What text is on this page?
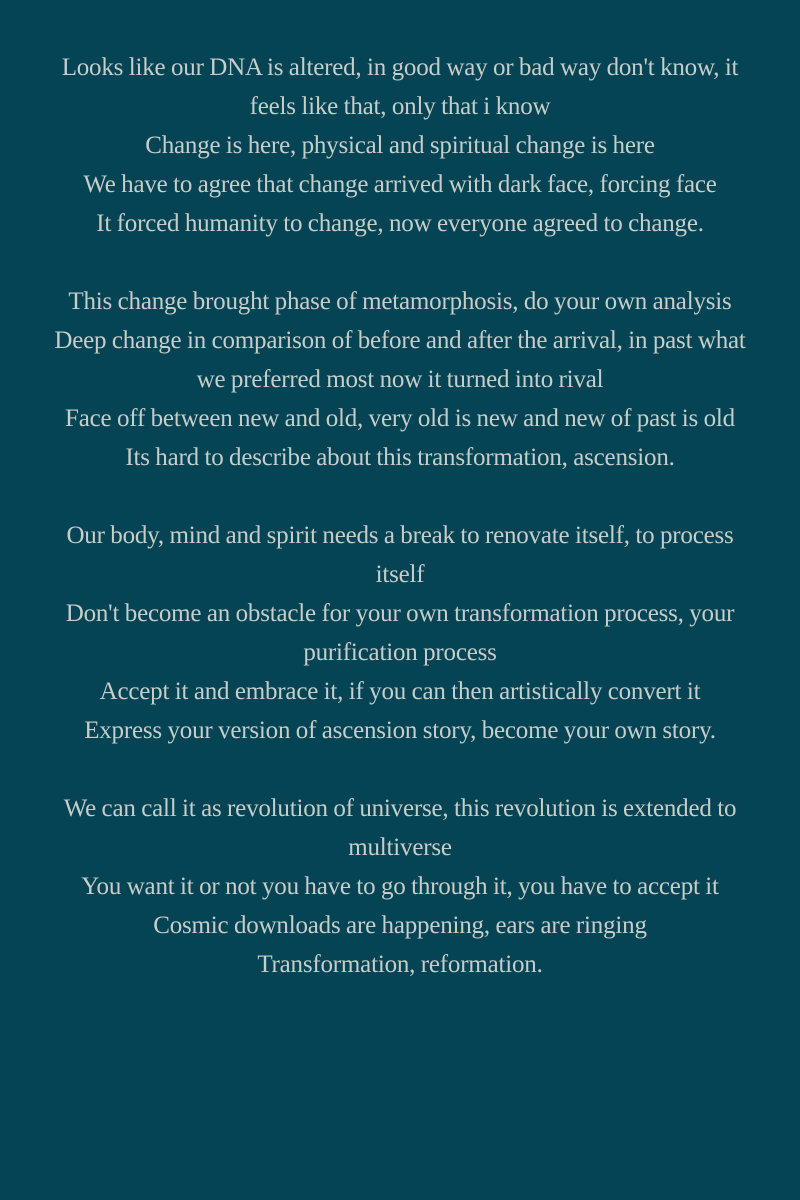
Looks like our DNA is altered, in good way or bad way don't know, it feels like that, only that i know
Change is here, physical and spiritual change is here
We have to agree that change arrived with dark face, forcing face
It forced humanity to change, now everyone agreed to change.
This change brought phase of metamorphosis, do your own analysis
Deep change in comparison of before and after the arrival, in past what we preferred most now it turned into rival
Face off between new and old, very old is new and new of past is old
Its hard to describe about this transformation, ascension.
Our body, mind and spirit needs a break to renovate itself, to process itself
Don't become an obstacle for your own transformation process, your purification process
Accept it and embrace it, if you can then artistically convert it
Express your version of ascension story, become your own story.
We can call it as revolution of universe, this revolution is extended to multiverse
You want it or not you have to go through it, you have to accept it
Cosmic downloads are happening, ears are ringing
Transformation, reformation.
